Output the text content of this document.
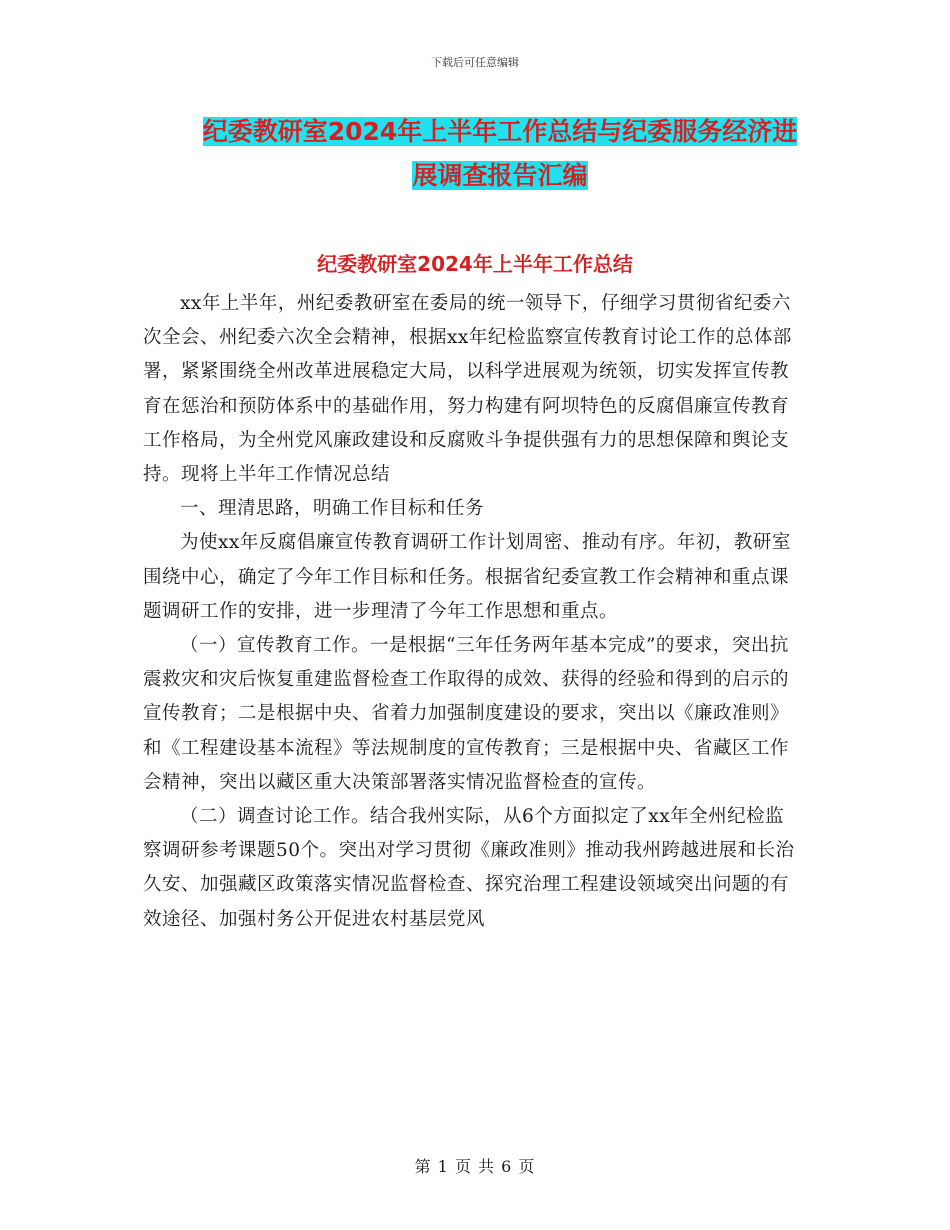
下载后可任意编辑
纪委教研室2024年上半年工作总结与纪委服务经济进
展调查报告汇编
纪委教研室2024年上半年工作总结

xx年上半年，州纪委教研室在委局的统一领导下，仔细学习贯彻省纪委六次全会、州纪委六次全会精神，根据xx年纪检监察宣传教育讨论工作的总体部署，紧紧围绕全州改革进展稳定大局，以科学进展观为统领，切实发挥宣传教育在惩治和预防体系中的基础作用，努力构建有阿坝特色的反腐倡廉宣传教育工作格局，为全州党风廉政建设和反腐败斗争提供强有力的思想保障和舆论支持。现将上半年工作情况总结

一、理清思路，明确工作目标和任务

为使xx年反腐倡廉宣传教育调研工作计划周密、推动有序。年初，教研室围绕中心，确定了今年工作目标和任务。根据省纪委宣教工作会精神和重点课题调研工作的安排，进一步理清了今年工作思想和重点。

（一）宣传教育工作。一是根据“三年任务两年基本完成”的要求，突出抗震救灾和灾后恢复重建监督检查工作取得的成效、获得的经验和得到的启示的宣传教育；二是根据中央、省着力加强制度建设的要求，突出以《廉政准则》和《工程建设基本流程》等法规制度的宣传教育；三是根据中央、省藏区工作会精神，突出以藏区重大决策部署落实情况监督检查的宣传。

（二）调查讨论工作。结合我州实际，从6个方面拟定了xx年全州纪检监察调研参考课题50个。突出对学习贯彻《廉政准则》推动我州跨越进展和长治久安、加强藏区政策落实情况监督检查、探究治理工程建设领域突出问题的有效途径、加强村务公开促进农村基层党风

第 1 页 共 6 页
